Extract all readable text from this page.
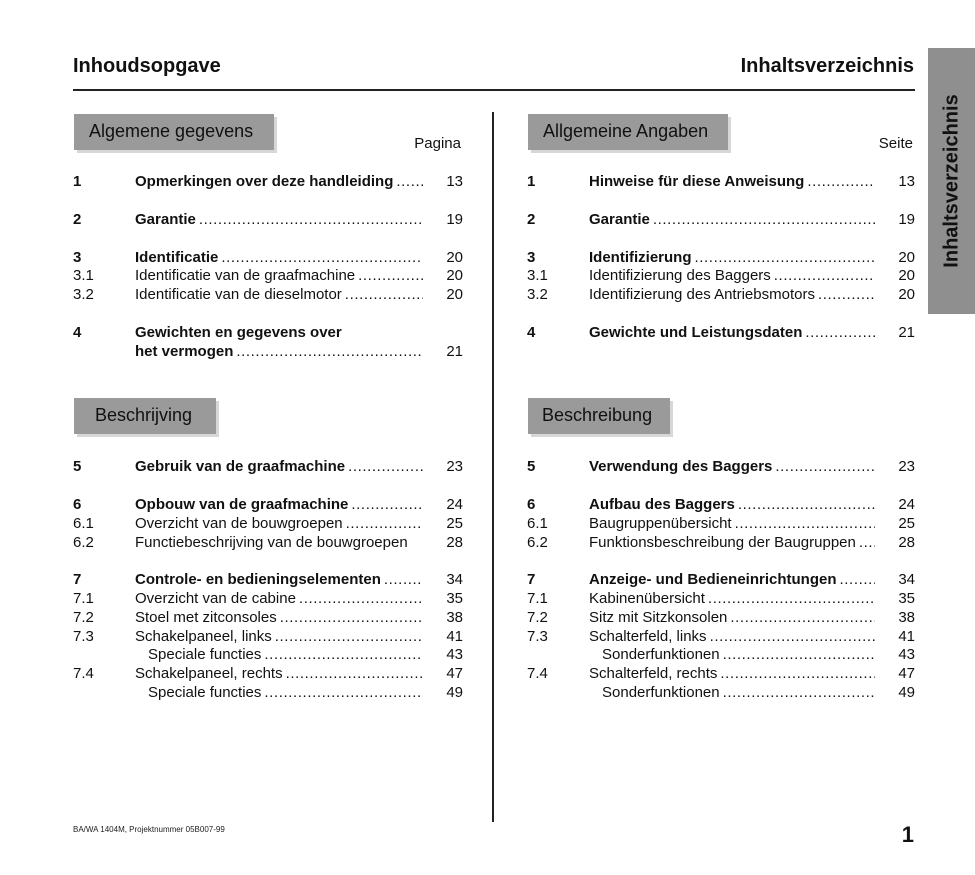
Inhoudsopgave	Inhaltsverzeichnis
Inhaltsverzeichnis
Algemene gegevens
Pagina
Beschrijving
1	Opmerkingen over deze handleiding .....	13
2	Garantie .....	19
3	Identificatie .....	20
3.1	Identificatie van de graafmachine .....	20
3.2	Identificatie van de dieselmotor .....	20
4	Gewichten en gegevens over
het vermogen .....	21
5	Gebruik van de graafmachine .....	23
6	Opbouw van de graafmachine .....	24
6.1	Overzicht van de bouwgroepen .....	25
6.2	Functiebeschrijving van de bouwgroepen	28
7	Controle- en bedieningselementen .....	34
7.1	Overzicht van de cabine .....	35
7.2	Stoel met zitconsoles .....	38
7.3	Schakelpaneel, links .....	41
Speciale functies .....	43
7.4	Schakelpaneel, rechts .....	47
Speciale functies .....	49
Allgemeine Angaben
Seite
Beschreibung
1	Hinweise für diese Anweisung .....	13
2	Garantie .....	19
3	Identifizierung .....	20
3.1	Identifizierung des Baggers .....	20
3.2	Identifizierung des Antriebsmotors .....	20
4	Gewichte und Leistungsdaten .....	21
5	Verwendung des Baggers .....	23
6	Aufbau des Baggers .....	24
6.1	Baugruppenübersicht .....	25
6.2	Funktionsbeschreibung der Baugruppen .....	28
7	Anzeige- und Bedieneinrichtungen .....	34
7.1	Kabinenübersicht .....	35
7.2	Sitz mit Sitzkonsolen .....	38
7.3	Schalterfeld, links .....	41
Sonderfunktionen .....	43
7.4	Schalterfeld, rechts .....	47
Sonderfunktionen .....	49
BA/WA 1404M, Projektnummer 05B007-99	1
